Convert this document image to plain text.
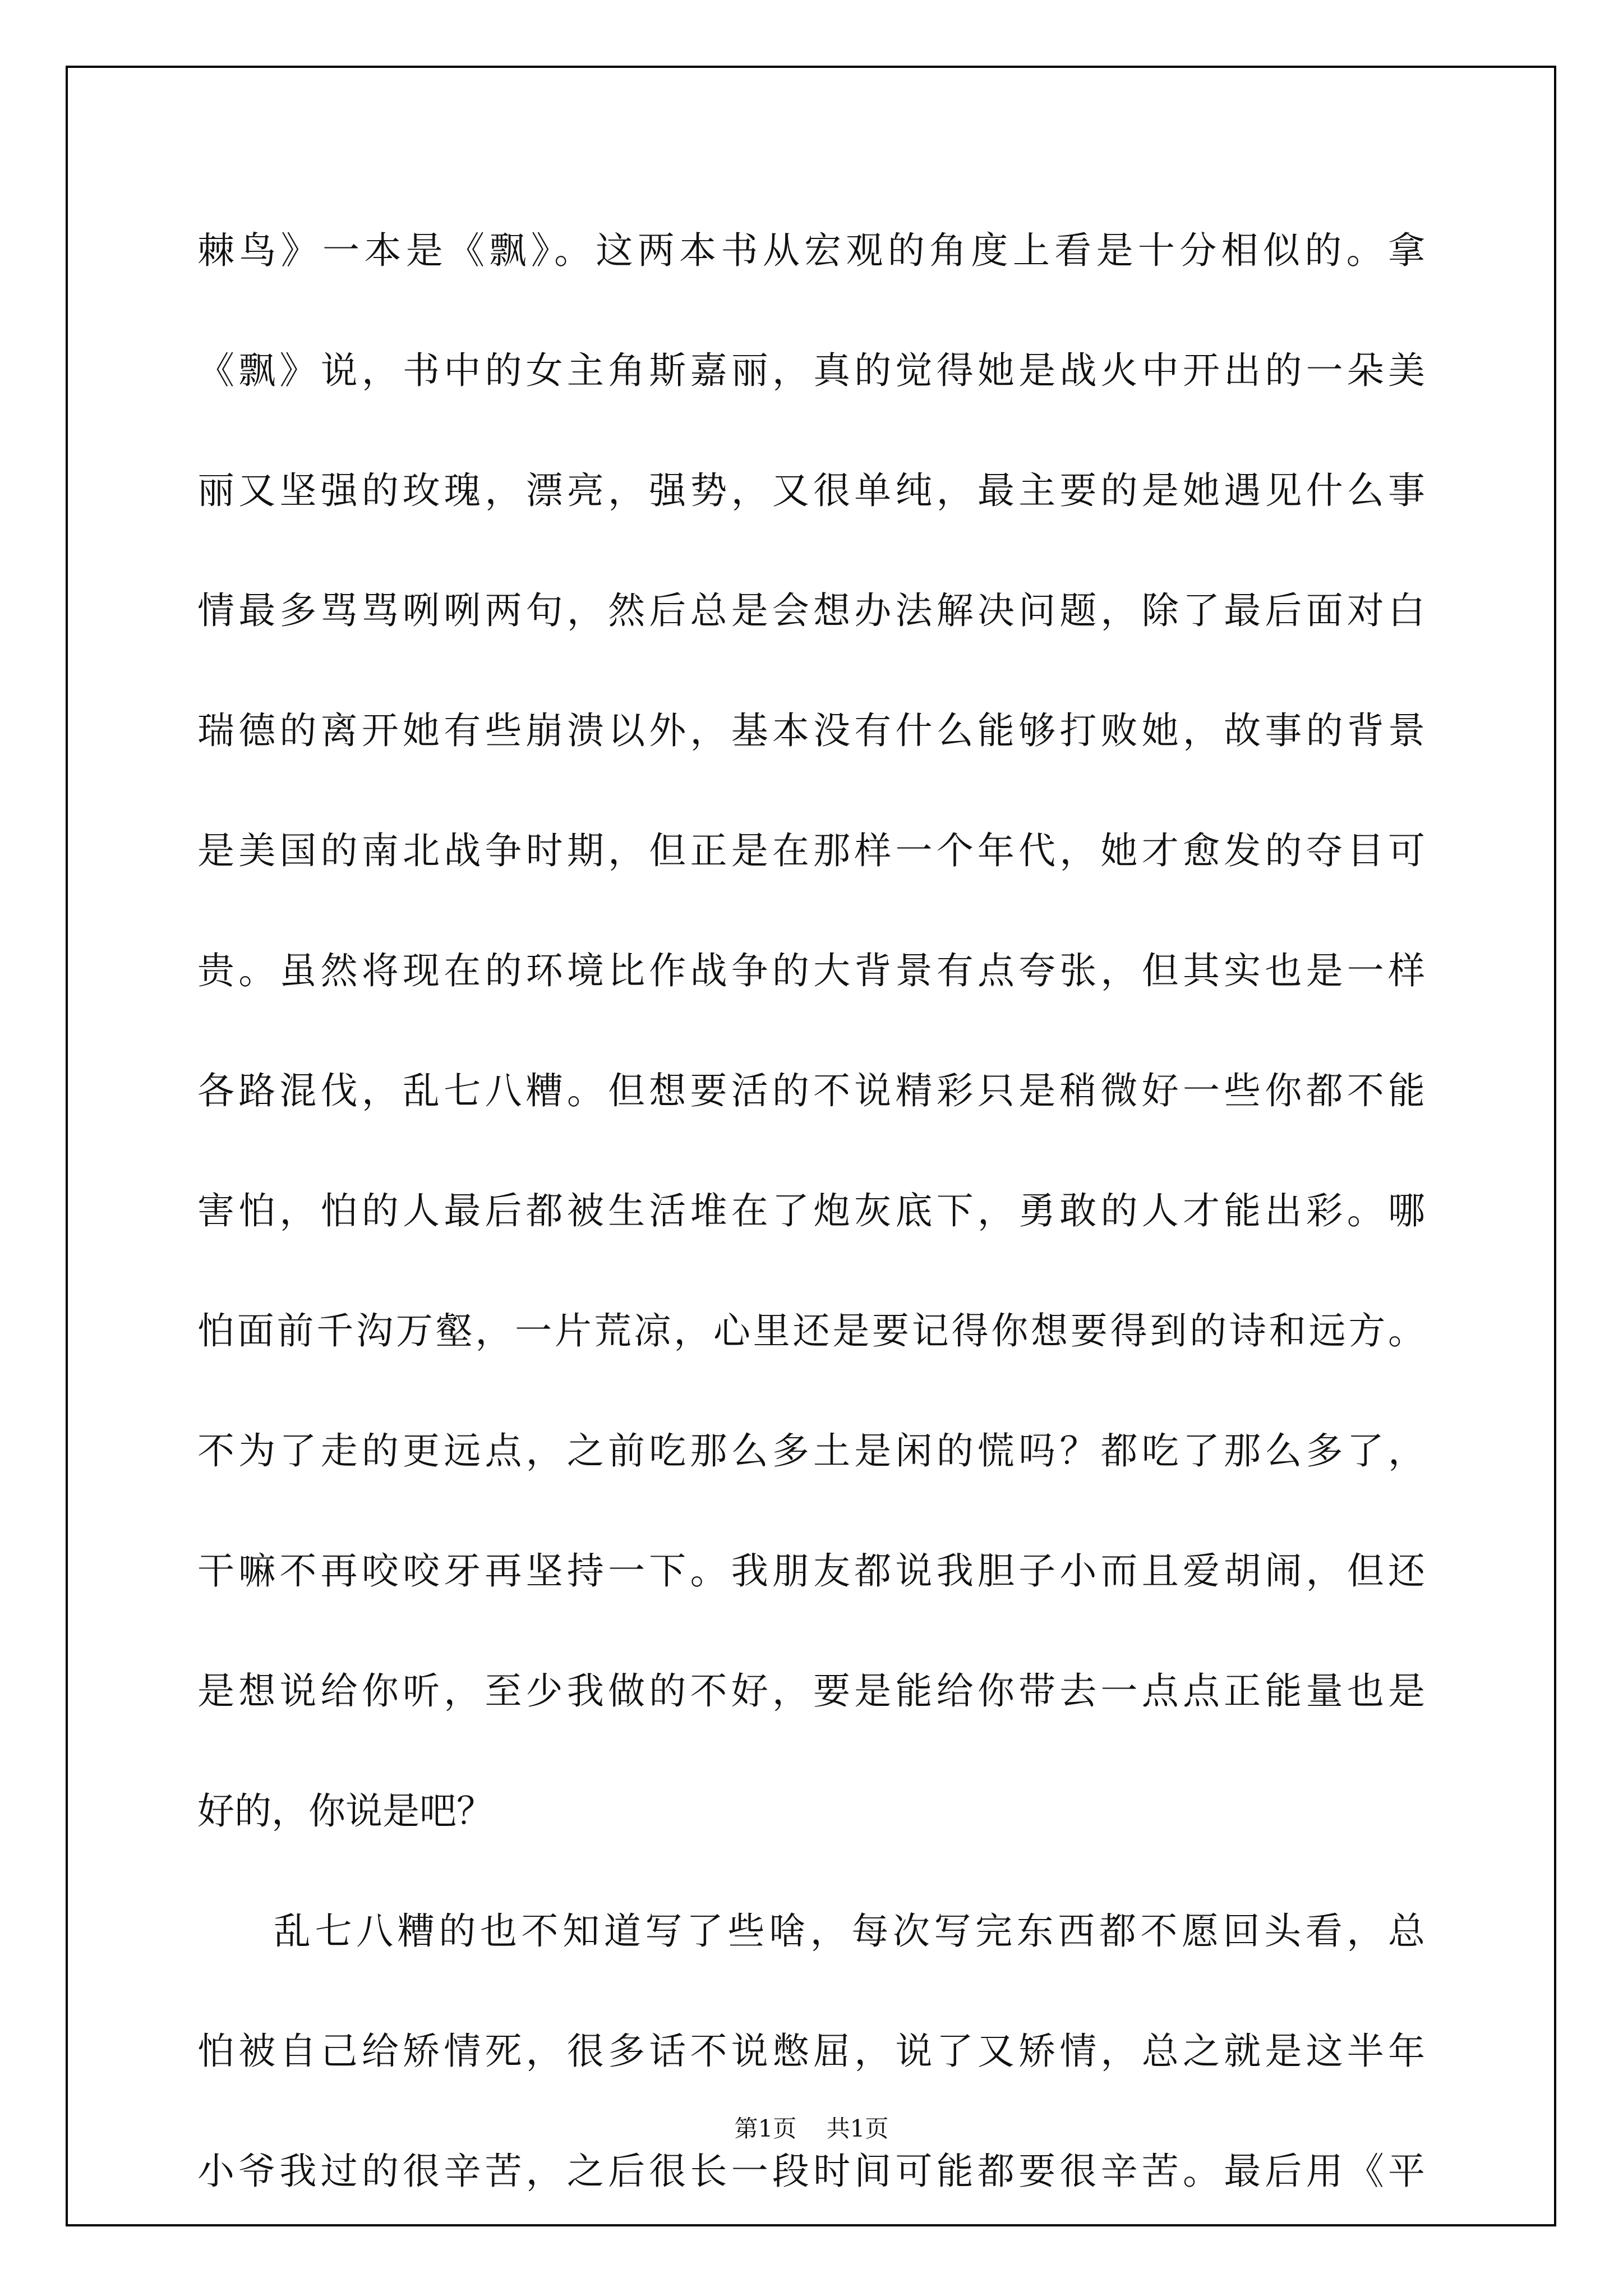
棘鸟》一本是《飘》。这两本书从宏观的角度上看是十分相似的。拿
《飘》说，书中的女主角斯嘉丽，真的觉得她是战火中开出的一朵美
丽又坚强的玫瑰，漂亮，强势，又很单纯，最主要的是她遇见什么事
情最多骂骂咧咧两句，然后总是会想办法解决问题，除了最后面对白
瑞德的离开她有些崩溃以外，基本没有什么能够打败她，故事的背景
是美国的南北战争时期，但正是在那样一个年代，她才愈发的夺目可
贵。虽然将现在的环境比作战争的大背景有点夸张，但其实也是一样
各路混伐，乱七八糟。但想要活的不说精彩只是稍微好一些你都不能
害怕，怕的人最后都被生活堆在了炮灰底下，勇敢的人才能出彩。哪
怕面前千沟万壑，一片荒凉，心里还是要记得你想要得到的诗和远方。
不为了走的更远点，之前吃那么多土是闲的慌吗？都吃了那么多了，
干嘛不再咬咬牙再坚持一下。我朋友都说我胆子小而且爱胡闹，但还
是想说给你听，至少我做的不好，要是能给你带去一点点正能量也是
好的，你说是吧？
乱七八糟的也不知道写了些啥，每次写完东西都不愿回头看，总
怕被自己给矫情死，很多话不说憋屈，说了又矫情，总之就是这半年
小爷我过的很辛苦，之后很长一段时间可能都要很辛苦。最后用《平
第1页 共1页
